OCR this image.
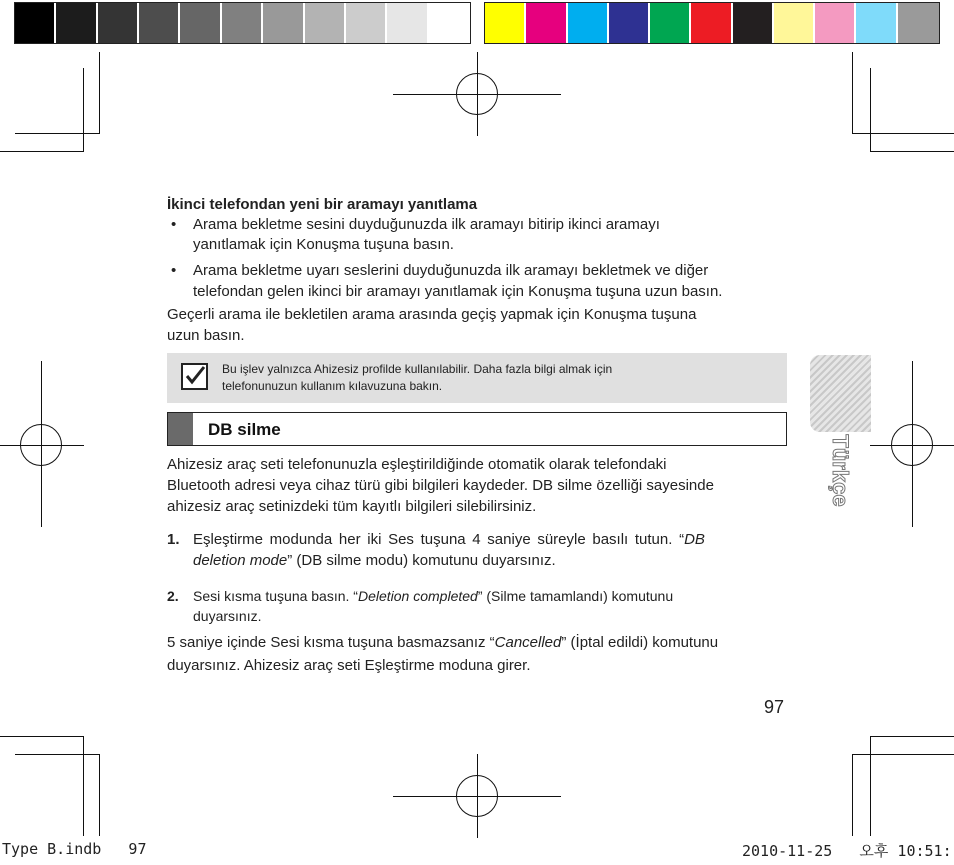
İkinci telefondan yeni bir aramayı yanıtlama
• Arama bekletme sesini duyduğunuzda ilk aramayı bitirip ikinci aramayı
yanıtlamak için Konuşma tuşuna basın.
• Arama bekletme uyarı seslerini duyduğunuzda ilk aramayı bekletmek ve diğer
telefondan gelen ikinci bir aramayı yanıtlamak için Konuşma tuşuna uzun basın.
Geçerli arama ile bekletilen arama arasında geçiş yapmak için Konuşma tuşuna
uzun basın.
Bu işlev yalnızca Ahizesiz profilde kullanılabilir. Daha fazla bilgi almak için
telefonunuzun kullanım kılavuzuna bakın.
DB silme
Türkçe
Ahizesiz araç seti telefonunuzla eşleştirildiğinde otomatik olarak telefondaki
Bluetooth adresi veya cihaz türü gibi bilgileri kaydeder. DB silme özelliği sayesinde
ahizesiz araç setinizdeki tüm kayıtlı bilgileri silebilirsiniz.
1. Eşleştirme modunda her iki Ses tuşuna 4 saniye süreyle basılı tutun. “DB
deletion mode” (DB silme modu) komutunu duyarsınız.
2. Sesi kısma tuşuna basın. “Deletion completed” (Silme tamamlandı) komutunu
duyarsınız.
5 saniye içinde Sesi kısma tuşuna basmazsanız “Cancelled” (İptal edildi) komutunu
duyarsınız. Ahizesiz araç seti Eşleştirme moduna girer.
97
Type B.indb   97	2010-11-25   오후 10:51:
